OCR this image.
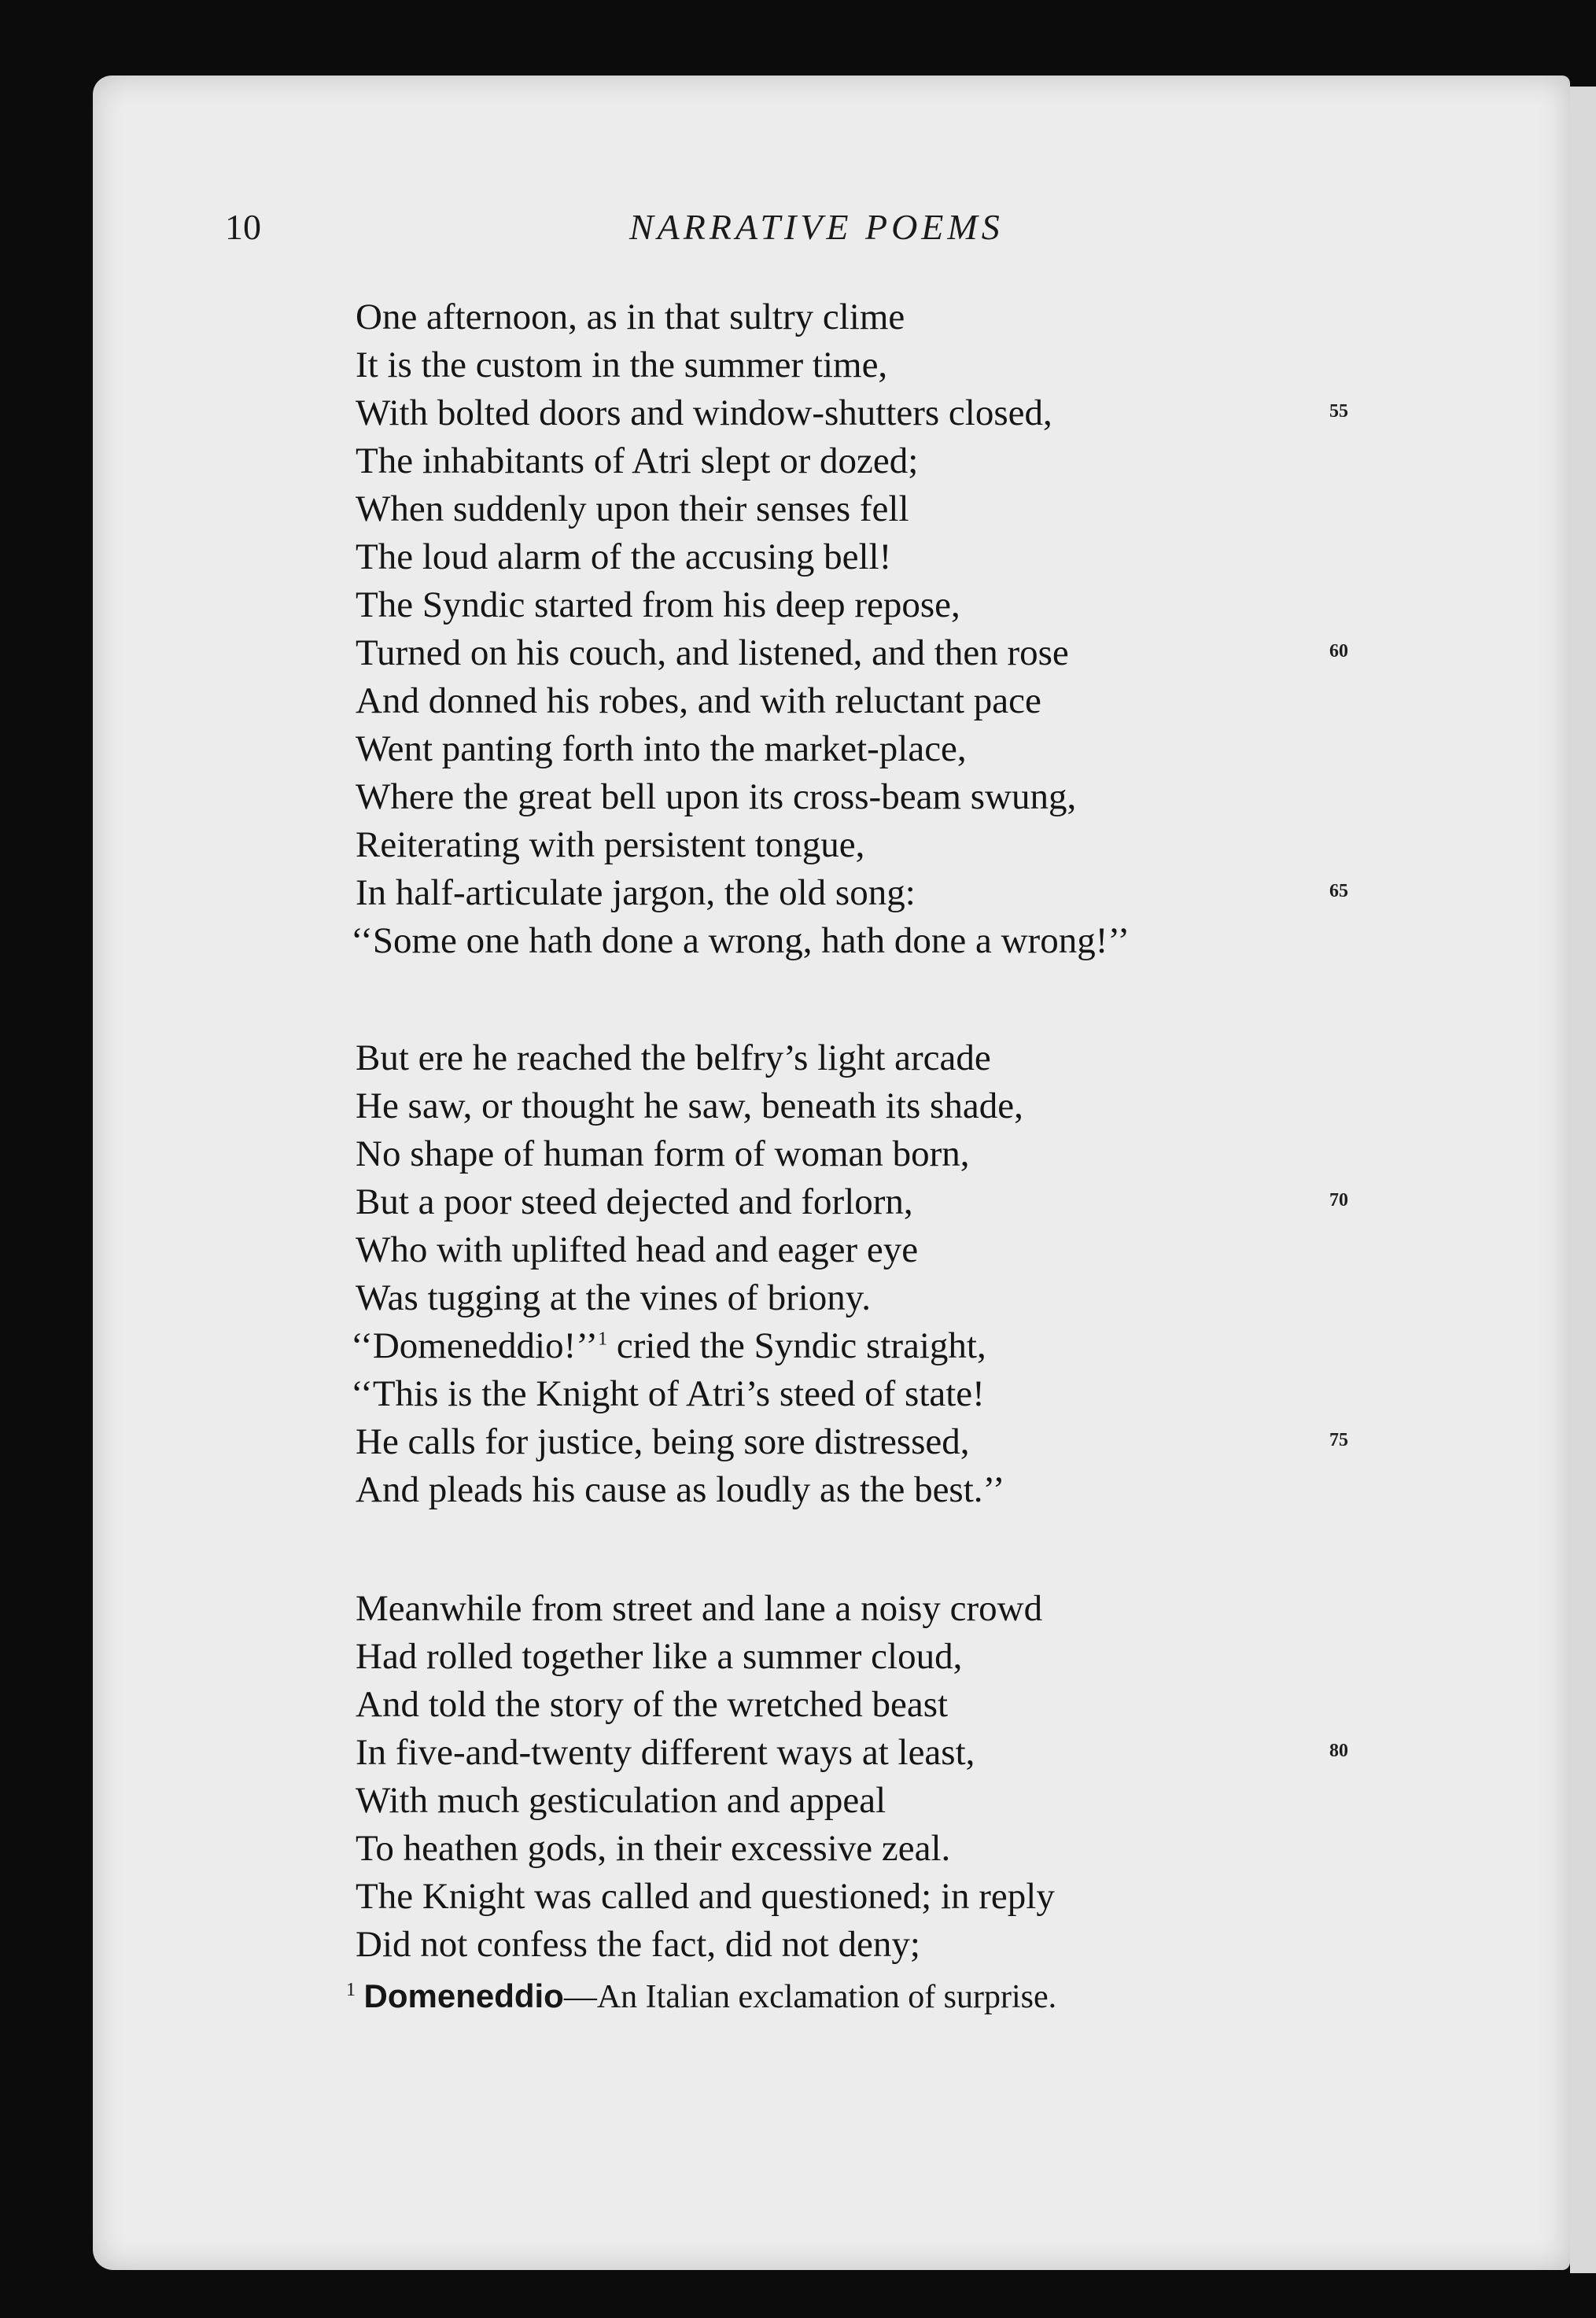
10	NARRATIVE POEMS
One afternoon, as in that sultry clime
It is the custom in the summer time,
With bolted doors and window-shutters closed,	55
The inhabitants of Atri slept or dozed;
When suddenly upon their senses fell
The loud alarm of the accusing bell!
The Syndic started from his deep repose,
Turned on his couch, and listened, and then rose	60
And donned his robes, and with reluctant pace
Went panting forth into the market-place,
Where the great bell upon its cross-beam swung,
Reiterating with persistent tongue,
In half-articulate jargon, the old song:	65
‘‘Some one hath done a wrong, hath done a wrong!’’
But ere he reached the belfry’s light arcade
He saw, or thought he saw, beneath its shade,
No shape of human form of woman born,
But a poor steed dejected and forlorn,	70
Who with uplifted head and eager eye
Was tugging at the vines of briony.
‘‘Domeneddio!’’$^1$ cried the Syndic straight,
‘‘This is the Knight of Atri’s steed of state!
He calls for justice, being sore distressed,	75
And pleads his cause as loudly as the best.’’
Meanwhile from street and lane a noisy crowd
Had rolled together like a summer cloud,
And told the story of the wretched beast
In five-and-twenty different ways at least,	80
With much gesticulation and appeal
To heathen gods, in their excessive zeal.
The Knight was called and questioned; in reply
Did not confess the fact, did not deny;
$^1$ Domeneddio—An Italian exclamation of surprise.
